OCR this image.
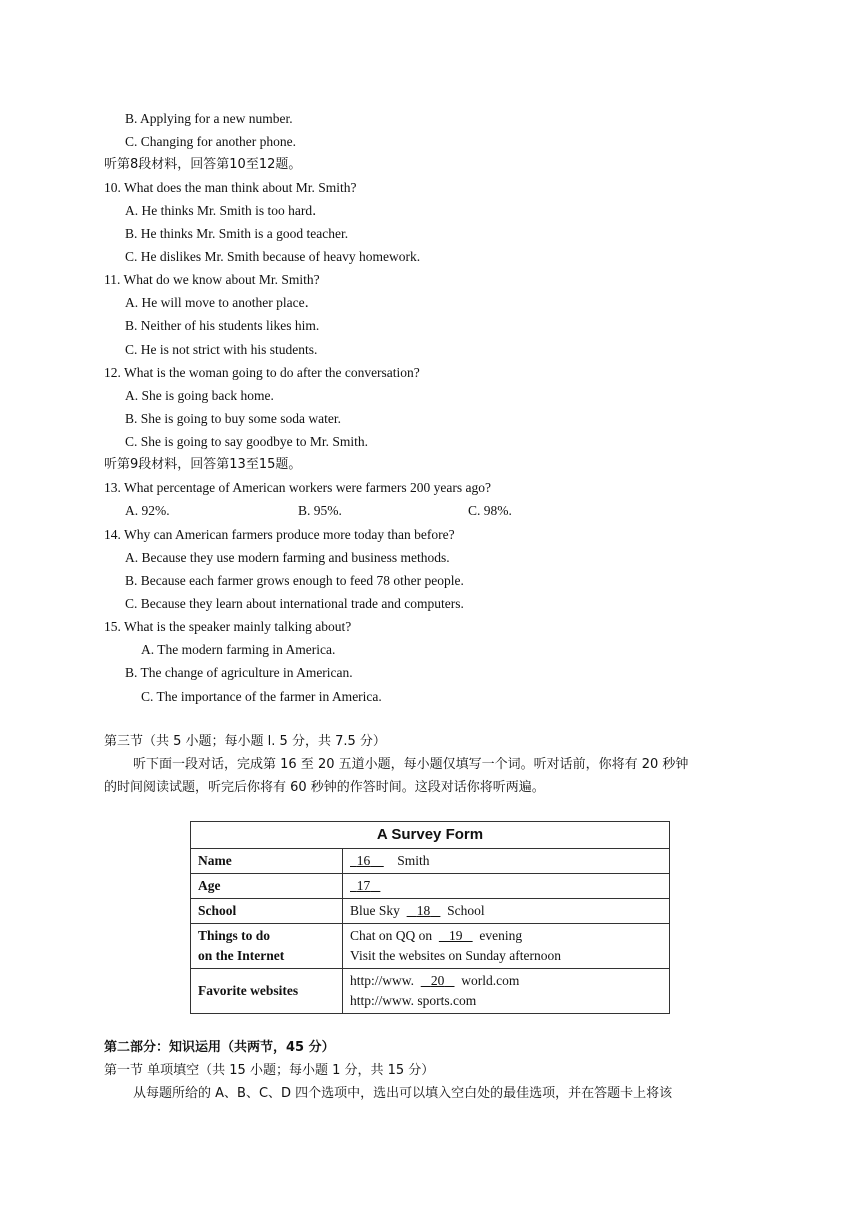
B. Applying for a new number.
C. Changing for another phone.
听第8段材料，回答第10至12题。
10. What does the man think about Mr. Smith?
A. He thinks Mr. Smith is too hard．
B. He thinks Mr. Smith is a good teacher.
C. He dislikes Mr. Smith because of heavy homework.
11. What do we know about Mr. Smith?
A. He will move to another place．
B. Neither of his students likes him.
C. He is not strict with his students.
12. What is the woman going to do after the conversation?
A. She is going back home.
B. She is going to buy some soda water.
C. She is going to say goodbye to Mr. Smith.
听第9段材料，回答第13至15题。
13. What percentage of American workers were farmers 200 years ago?
14. Why can American farmers produce more today than before?
A. Because they use modern farming and business methods.
B. Because each farmer grows enough to feed 78 other people.
C. Because they learn about international trade and computers.
15. What is the speaker mainly talking about?
A. The modern farming in America.
B. The change of agriculture in American.
C. The importance of the farmer in America.
第三节（共 5 小题；每小题 l. 5 分，共 7.5 分）
听下面一段对话，完成第 16 至 20 五道小题，每小题仅填写一个词。听对话前，你将有 20 秒钟
的时间阅读试题，听完后你将有 60 秒钟的作答时间。这段对话你将听两遍。
第二部分：知识运用（共两节，45 分）
第一节 单项填空（共 15 小题；每小题 1 分，共 15 分）
从每题所给的 A、B、C、D 四个选项中，选出可以填入空白处的最佳选项，并在答题卡上将该
A. 92%.	B. 95%.	C. 98%.
A Survey Form	
Name	16 Smith
Age	17
School	Blue Sky 18 School
Things to do
on the Internet	Chat on QQ on 19 evening
Visit the websites on Sunday afternoon
Favorite websites	http://www. 20 world.com
http://www. sports.com
